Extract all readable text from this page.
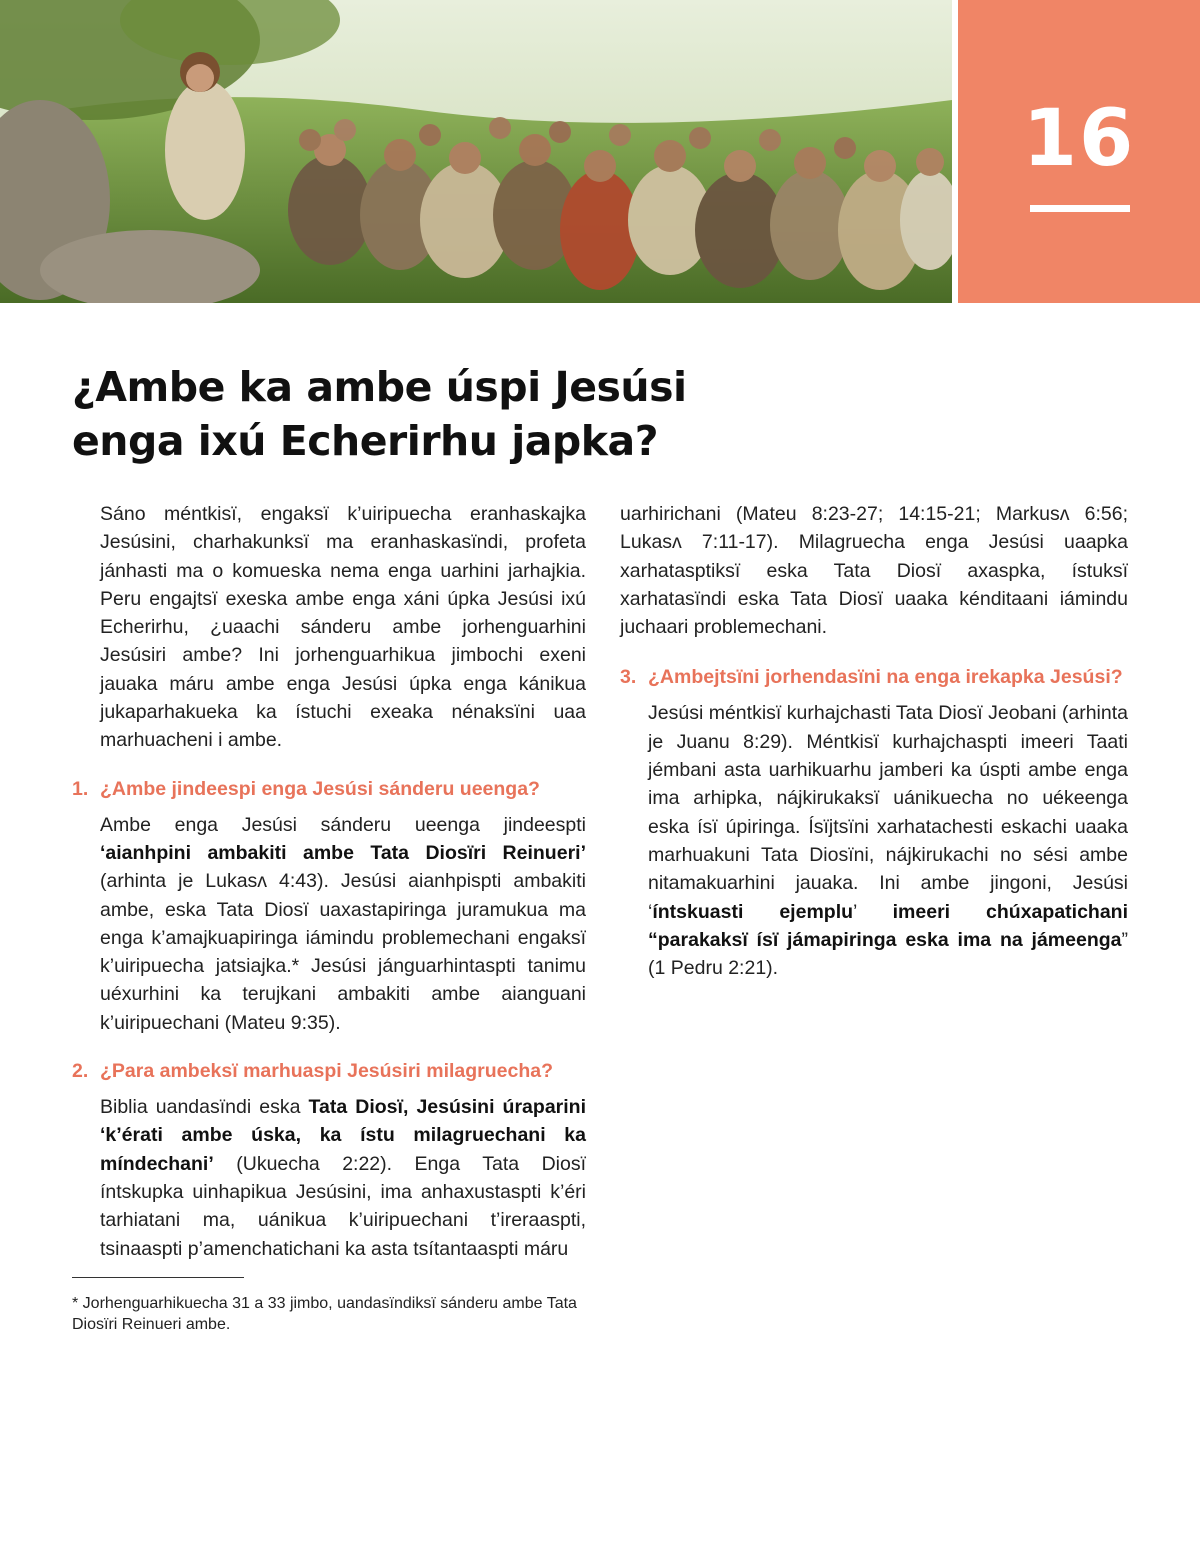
16
¿Ambe ka ambe úspi Jesúsi
enga ixú Echerirhu japka?

Sáno méntkisï, engaksï k’uiripuecha eranhaskajka Jesúsini, charhakunksï ma eranhaskasïndi, profeta jánhasti ma o komueska nema enga uarhini jarhajkia. Peru engajtsï exeska ambe enga xáni úpka Jesúsi ixú Echerirhu, ¿uaachi sánderu ambe jorhenguarhini Jesúsiri ambe? Ini jorhenguarhikua jimbochi exeni jauaka máru ambe enga Jesúsi úpka enga kánikua jukaparhakueka ka ístuchi exeaka nénaksïni uaa marhuacheni i ambe.

1. ¿Ambe jindeespi enga Jesúsi sánderu ueenga?

Ambe enga Jesúsi sánderu ueenga jindeespti ‘aianhpini ambakiti ambe Tata Diosïri Reinueri’ (arhinta je Lukasʌ 4:43). Jesúsi aianhpispti ambakiti ambe, eska Tata Diosï uaxastapiringa juramukua ma enga k’amajkuapiringa iámindu problemechani engaksï k’uiripuecha jatsiajka.* Jesúsi jánguarhintaspti tanimu uéxurhini ka terujkani ambakiti ambe aianguani k’uiripuechani (Mateu 9:35).

2. ¿Para ambeksï marhuaspi Jesúsiri milagruecha?

Biblia uandasïndi eska Tata Diosï, Jesúsini úraparini ‘k’érati ambe úska, ka ístu milagruechani ka míndechani’ (Ukuecha 2:22). Enga Tata Diosï íntskupka uinhapikua Jesúsini, ima anhaxustaspti k’éri tarhiatani ma, uánikua k’uiripuechani t’ireraaspti, tsinaaspti p’amenchatichani ka asta tsítantaaspti máru

uarhirichani (Mateu 8:23-27; 14:15-21; Markusʌ 6:56; Lukasʌ 7:11-17). Milagruecha enga Jesúsi uaapka xarhatasptiksï eska Tata Diosï axaspka, ístuksï xarhatasïndi eska Tata Diosï uaaka kénditaani iámindu juchaari problemechani.

3. ¿Ambejtsïni jorhendasïni na enga irekapka Jesúsi?

Jesúsi méntkisï kurhajchasti Tata Diosï Jeobani (arhinta je Juanu 8:29). Méntkisï kurhajchaspti imeeri Taati jémbani asta uarhikuarhu jamberi ka úspti ambe enga ima arhipka, nájkirukaksï uánikuecha no uékeenga eska ísï úpiringa. Ísïjtsïni xarhatachesti eskachi uaaka marhuakuni Tata Diosïni, nájkirukachi no sési ambe nitamakuarhini jauaka. Ini ambe jingoni, Jesúsi ‘íntskuasti ejemplu’ imeeri chúxapatichani “parakaksï ísï jámapiringa eska ima na jámeenga” (1 Pedru 2:21).

* Jorhenguarhikuecha 31 a 33 jimbo, uandasïndiksï sánderu ambe Tata Diosïri Reinueri ambe.
